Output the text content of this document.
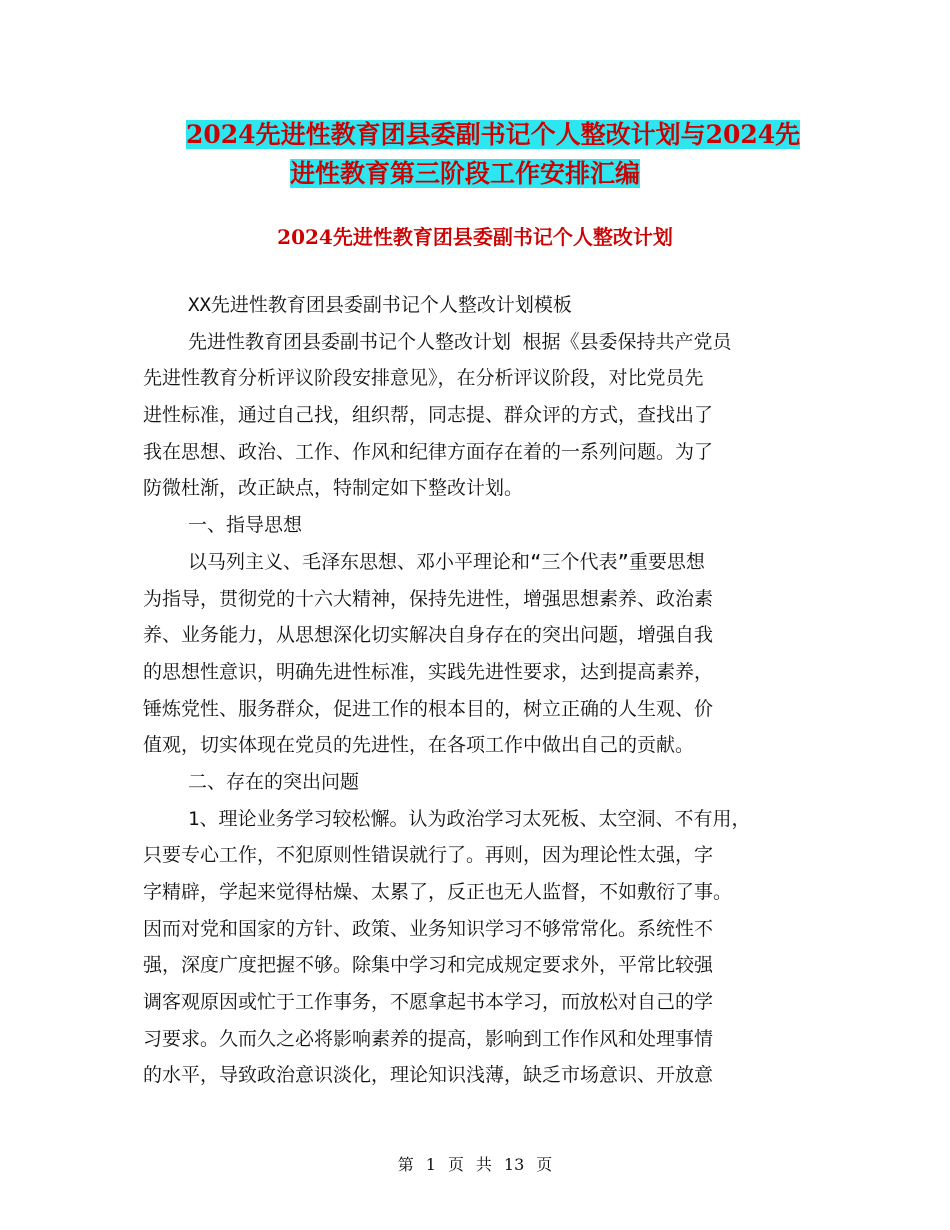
2024先进性教育团县委副书记个人整改计划与2024先
进性教育第三阶段工作安排汇编
2024先进性教育团县委副书记个人整改计划
XX先进性教育团县委副书记个人整改计划模板
先进性教育团县委副书记个人整改计划 根据《县委保持共产党员
先进性教育分析评议阶段安排意见》，在分析评议阶段，对比党员先
进性标准，通过自己找，组织帮，同志提、群众评的方式，查找出了
我在思想、政治、工作、作风和纪律方面存在着的一系列问题。为了
防微杜渐，改正缺点，特制定如下整改计划。
一、指导思想
以马列主义、毛泽东思想、邓小平理论和“三个代表”重要思想
为指导，贯彻党的十六大精神，保持先进性，增强思想素养、政治素
养、业务能力，从思想深化切实解决自身存在的突出问题，增强自我
的思想性意识，明确先进性标准，实践先进性要求，达到提高素养，
锤炼党性、服务群众，促进工作的根本目的，树立正确的人生观、价
值观，切实体现在党员的先进性，在各项工作中做出自己的贡献。
二、存在的突出问题
1、理论业务学习较松懈。认为政治学习太死板、太空洞、不有用，
只要专心工作，不犯原则性错误就行了。再则，因为理论性太强，字
字精辟，学起来觉得枯燥、太累了，反正也无人监督，不如敷衍了事。
因而对党和国家的方针、政策、业务知识学习不够常常化。系统性不
强，深度广度把握不够。除集中学习和完成规定要求外，平常比较强
调客观原因或忙于工作事务，不愿拿起书本学习，而放松对自己的学
习要求。久而久之必将影响素养的提高，影响到工作作风和处理事情
的水平，导致政治意识淡化，理论知识浅薄，缺乏市场意识、开放意
第 1 页 共 13 页
